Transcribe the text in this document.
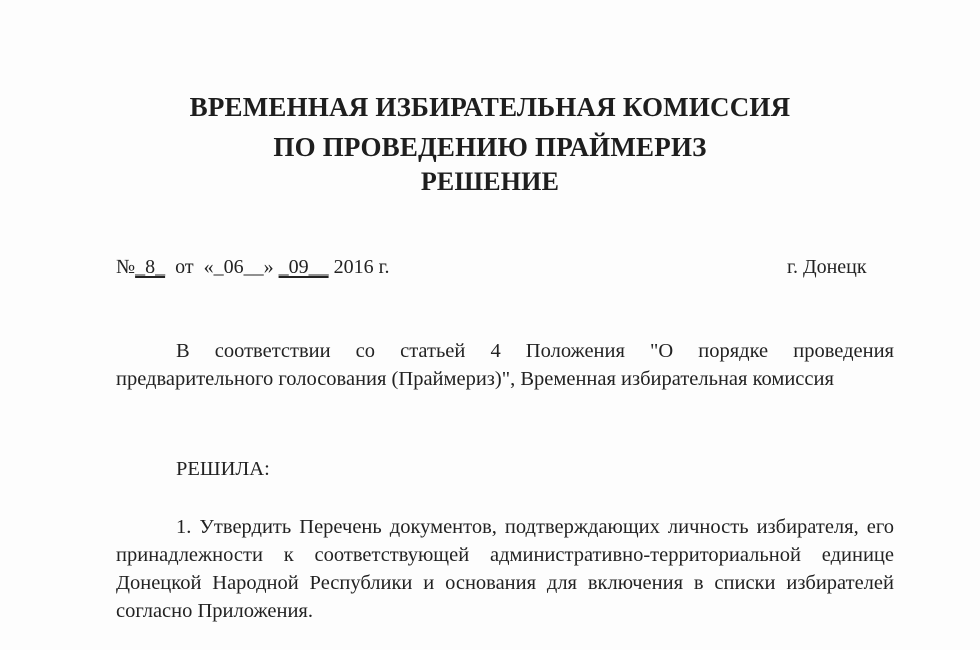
ВРЕМЕННАЯ ИЗБИРАТЕЛЬНАЯ КОМИССИЯ
ПО ПРОВЕДЕНИЮ ПРАЙМЕРИЗ
РЕШЕНИЕ
№_8_ от «_06__» _09__ 2016 г.	г. Донецк
В соответствии со статьей 4 Положения "О порядке проведения предварительного голосования (Праймериз)", Временная избирательная комиссия
РЕШИЛА:
1. Утвердить Перечень документов, подтверждающих личность избирателя, его принадлежности к соответствующей административно-территориальной единице Донецкой Народной Республики и основания для включения в списки избирателей согласно Приложения.
